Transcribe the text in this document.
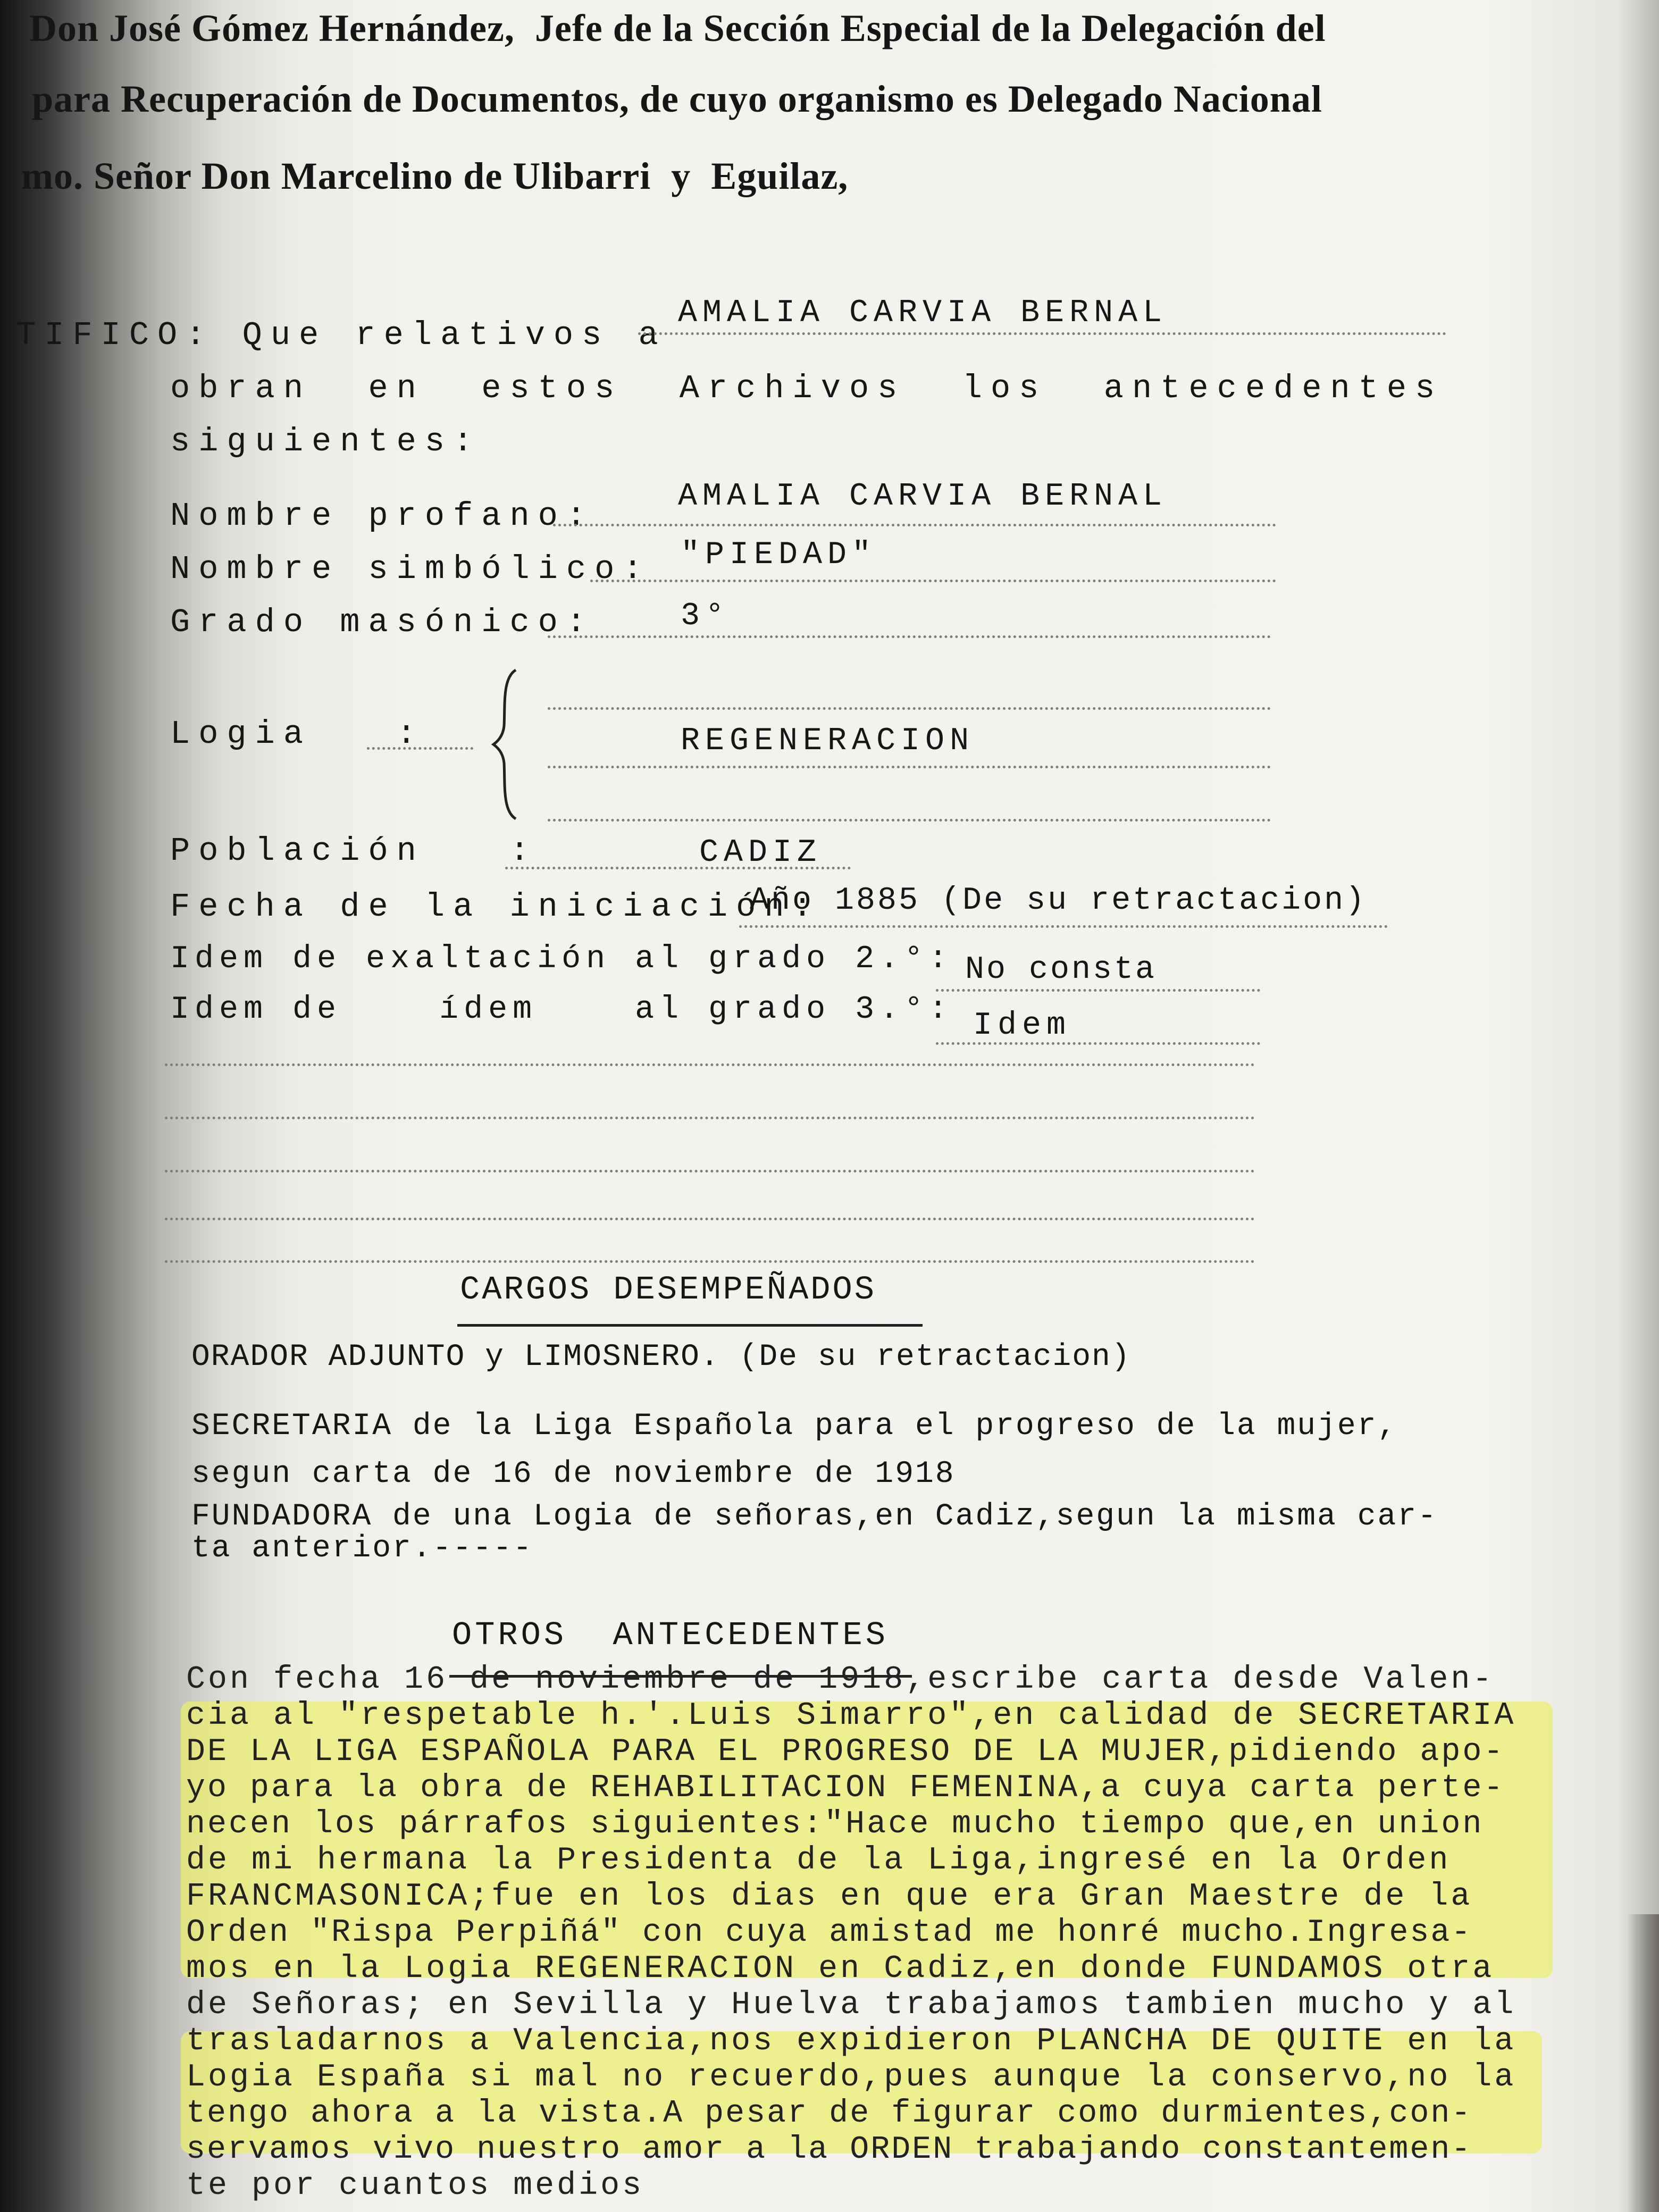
Don José Gómez Hernández,  Jefe de la Sección Especial de la Delegación del
para Recuperación de Documentos, de cuyo organismo es Delegado Nacional
mo. Señor Don Marcelino de Ulibarri  y  Eguilaz,
TIFICO: Que relativos a
AMALIA CARVIA BERNAL
obran  en  estos  Archivos  los  antecedentes
siguientes:
Nombre profano:
AMALIA CARVIA BERNAL
Nombre simbólico: "PIEDAD"
Grado masónico:	3°
Logia   :	REGENERACION
Población   :	CADIZ
Fecha de la iniciación:
Año 1885 (De su retractacion)
Idem de exaltación al grado 2.°: No consta
Idem de    ídem    al grado 3.°: Idem
CARGOS DESEMPEÑADOS
ORADOR ADJUNTO y LIMOSNERO. (De su retractacion)
SECRETARIA de la Liga Española para el progreso de la mujer,
segun carta de 16 de noviembre de 1918
FUNDADORA de una Logia de señoras,en Cadiz,segun la misma car-
ta anterior.-----
OTROS  ANTECEDENTES
Con fecha 16 de noviembre de 1918,escribe carta desde Valen-
cia al "respetable h.'.Luis Simarro",en calidad de SECRETARIA
DE LA LIGA ESPAÑOLA PARA EL PROGRESO DE LA MUJER,pidiendo apo-
yo para la obra de REHABILITACION FEMENINA,a cuya carta perte-
necen los párrafos siguientes:"Hace mucho tiempo que,en union
de mi hermana la Presidenta de la Liga,ingresé en la Orden
FRANCMASONICA;fue en los dias en que era Gran Maestre de la
Orden "Rispa Perpiñá" con cuya amistad me honré mucho.Ingresa-
mos en la Logia REGENERACION en Cadiz,en donde FUNDAMOS otra
de Señoras; en Sevilla y Huelva trabajamos tambien mucho y al
trasladarnos a Valencia,nos expidieron PLANCHA DE QUITE en la
Logia España si mal no recuerdo,pues aunque la conservo,no la
tengo ahora a la vista.A pesar de figurar como durmientes,con-
servamos vivo nuestro amor a la ORDEN trabajando constantemen-
te por cuantos medios
